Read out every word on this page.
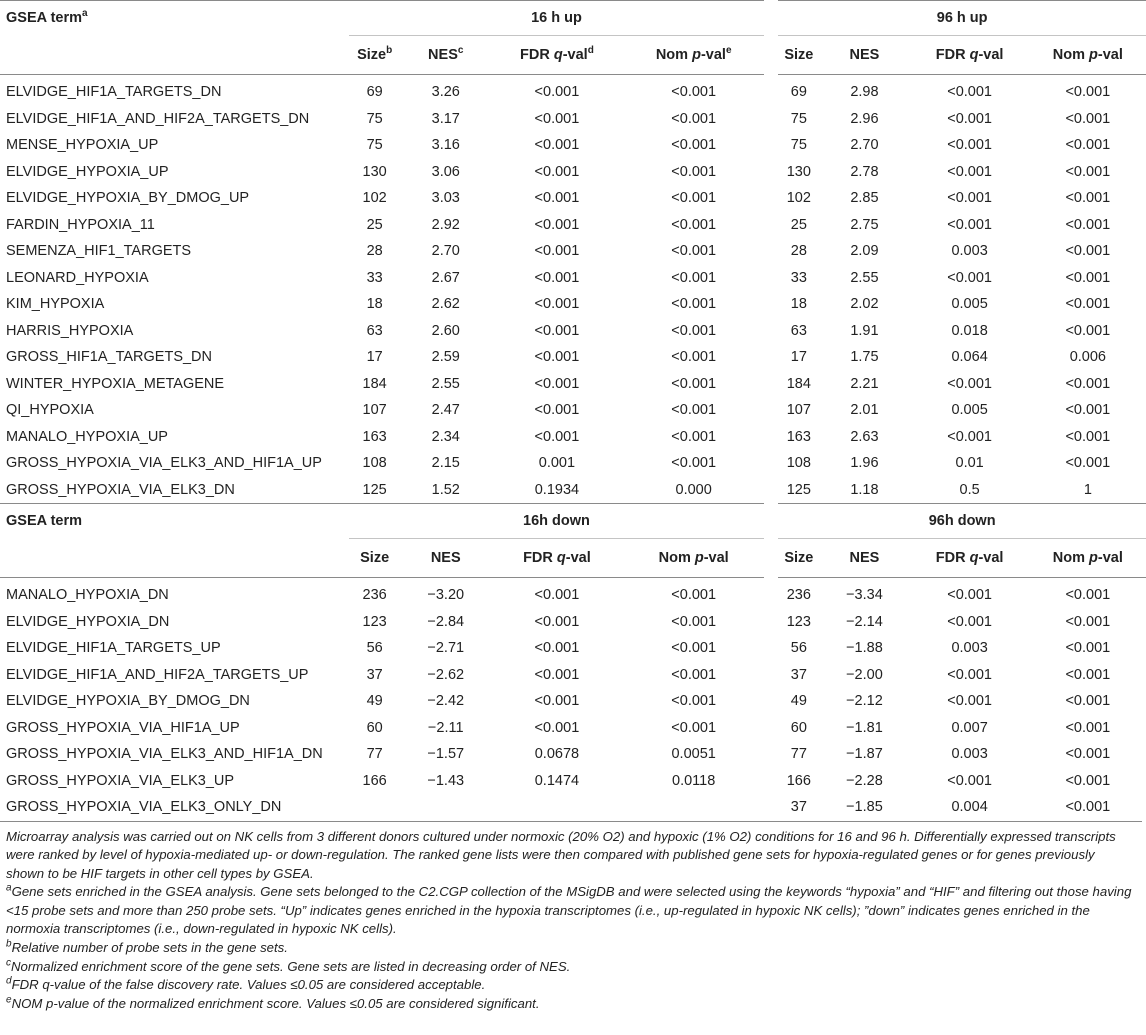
GSEA term$^a$	16 h up				96 h up			
	Size$^b$	NES$^c$	FDR q-val$^d$	Nom p-val$^e$	Size	NES	FDR q-val	Nom p-val
ELVIDGE_HIF1A_TARGETS_DN	69	3.26	<0.001	<0.001	69	2.98	<0.001	<0.001
ELVIDGE_HIF1A_AND_HIF2A_TARGETS_DN	75	3.17	<0.001	<0.001	75	2.96	<0.001	<0.001
MENSE_HYPOXIA_UP	75	3.16	<0.001	<0.001	75	2.70	<0.001	<0.001
ELVIDGE_HYPOXIA_UP	130	3.06	<0.001	<0.001	130	2.78	<0.001	<0.001
ELVIDGE_HYPOXIA_BY_DMOG_UP	102	3.03	<0.001	<0.001	102	2.85	<0.001	<0.001
FARDIN_HYPOXIA_11	25	2.92	<0.001	<0.001	25	2.75	<0.001	<0.001
SEMENZA_HIF1_TARGETS	28	2.70	<0.001	<0.001	28	2.09	0.003	<0.001
LEONARD_HYPOXIA	33	2.67	<0.001	<0.001	33	2.55	<0.001	<0.001
KIM_HYPOXIA	18	2.62	<0.001	<0.001	18	2.02	0.005	<0.001
HARRIS_HYPOXIA	63	2.60	<0.001	<0.001	63	1.91	0.018	<0.001
GROSS_HIF1A_TARGETS_DN	17	2.59	<0.001	<0.001	17	1.75	0.064	0.006
WINTER_HYPOXIA_METAGENE	184	2.55	<0.001	<0.001	184	2.21	<0.001	<0.001
QI_HYPOXIA	107	2.47	<0.001	<0.001	107	2.01	0.005	<0.001
MANALO_HYPOXIA_UP	163	2.34	<0.001	<0.001	163	2.63	<0.001	<0.001
GROSS_HYPOXIA_VIA_ELK3_AND_HIF1A_UP	108	2.15	0.001	<0.001	108	1.96	0.01	<0.001
GROSS_HYPOXIA_VIA_ELK3_DN	125	1.52	0.1934	0.000	125	1.18	0.5	1
GSEA term	16h down				96h down			
	Size	NES	FDR q-val	Nom p-val	Size	NES	FDR q-val	Nom p-val
MANALO_HYPOXIA_DN	236	−3.20	<0.001	<0.001	236	−3.34	<0.001	<0.001
ELVIDGE_HYPOXIA_DN	123	−2.84	<0.001	<0.001	123	−2.14	<0.001	<0.001
ELVIDGE_HIF1A_TARGETS_UP	56	−2.71	<0.001	<0.001	56	−1.88	0.003	<0.001
ELVIDGE_HIF1A_AND_HIF2A_TARGETS_UP	37	−2.62	<0.001	<0.001	37	−2.00	<0.001	<0.001
ELVIDGE_HYPOXIA_BY_DMOG_DN	49	−2.42	<0.001	<0.001	49	−2.12	<0.001	<0.001
GROSS_HYPOXIA_VIA_HIF1A_UP	60	−2.11	<0.001	<0.001	60	−1.81	0.007	<0.001
GROSS_HYPOXIA_VIA_ELK3_AND_HIF1A_DN	77	−1.57	0.0678	0.0051	77	−1.87	0.003	<0.001
GROSS_HYPOXIA_VIA_ELK3_UP	166	−1.43	0.1474	0.0118	166	−2.28	<0.001	<0.001
GROSS_HYPOXIA_VIA_ELK3_ONLY_DN					37	−1.85	0.004	<0.001

Microarray analysis was carried out on NK cells from 3 different donors cultured under normoxic (20% O2) and hypoxic (1% O2) conditions for 16 and 96 h. Differentially expressed transcripts were ranked by level of hypoxia-mediated up- or down-regulation. The ranked gene lists were then compared with published gene sets for hypoxia-regulated genes or for genes previously shown to be HIF targets in other cell types by GSEA.

$^a$Gene sets enriched in the GSEA analysis. Gene sets belonged to the C2.CGP collection of the MSigDB and were selected using the keywords “hypoxia” and “HIF” and filtering out those having <15 probe sets and more than 250 probe sets. “Up” indicates genes enriched in the hypoxia transcriptomes (i.e., up-regulated in hypoxic NK cells); ”down” indicates genes enriched in the normoxia transcriptomes (i.e., down-regulated in hypoxic NK cells).

$^b$Relative number of probe sets in the gene sets.

$^c$Normalized enrichment score of the gene sets. Gene sets are listed in decreasing order of NES.

$^d$FDR q-value of the false discovery rate. Values ≤0.05 are considered acceptable.

$^e$NOM p-value of the normalized enrichment score. Values ≤0.05 are considered significant.
